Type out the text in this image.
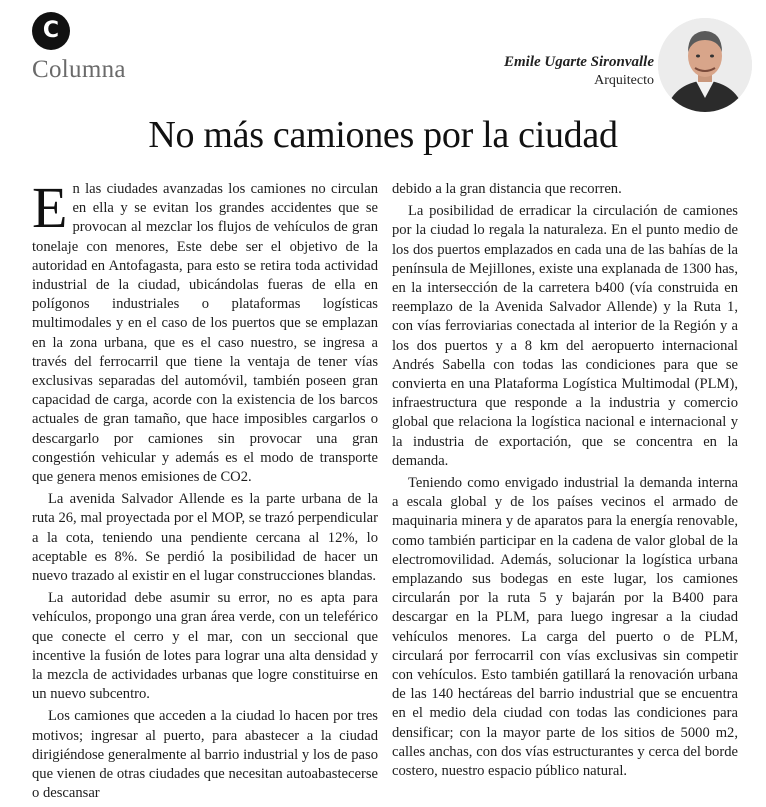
C
Columna	Emile Ugarte Sironvalle
Arquitecto
No más camiones por la ciudad

En las ciudades avanzadas los camiones no circulan en ella y se evitan los grandes accidentes que se provocan al mezclar los flujos de vehículos de gran tonelaje con menores, Este debe ser el objetivo de la autoridad en Antofagasta, para esto se retira toda actividad industrial de la ciudad, ubicándolas fueras de ella en polígonos industriales o plataformas logísticas multimodales y en el caso de los puertos que se emplazan en la zona urbana, que es el caso nuestro, se ingresa a través del ferrocarril que tiene la ventaja de tener vías exclusivas separadas del automóvil, también poseen gran capacidad de carga, acorde con la existencia de los barcos actuales de gran tamaño, que hace imposibles cargarlos o descargarlo por camiones sin provocar una gran congestión vehicular y además es el modo de transporte que genera menos emisiones de CO2.

La avenida Salvador Allende es la parte urbana de la ruta 26, mal proyectada por el MOP, se trazó perpendicular a la cota, teniendo una pendiente cercana al 12%, lo aceptable es 8%. Se perdió la posibilidad de hacer un nuevo trazado al existir en el lugar construcciones blandas.

La autoridad debe asumir su error, no es apta para vehículos, propongo una gran área verde, con un teleférico que conecte el cerro y el mar, con un seccional que incentive la fusión de lotes para lograr una alta densidad y la mezcla de actividades urbanas que logre constituirse en un nuevo subcentro.

Los camiones que acceden a la ciudad lo hacen por tres motivos; ingresar al puerto, para abastecer a la ciudad dirigiéndose generalmente al barrio industrial y los de paso que vienen de otras ciudades que necesitan autoabastecerse o descansar

debido a la gran distancia que recorren.

La posibilidad de erradicar la circulación de camiones por la ciudad lo regala la naturaleza. En el punto medio de los dos puertos emplazados en cada una de las bahías de la península de Mejillones, existe una explanada de 1300 has, en la intersección de la carretera b400 (vía construida en reemplazo de la Avenida Salvador Allende) y la Ruta 1, con vías ferroviarias conectada al interior de la Región y a los dos puertos y a 8 km del aeropuerto internacional Andrés Sabella con todas las condiciones para que se convierta en una Plataforma Logística Multimodal (PLM), infraestructura que responde a la industria y comercio global que relaciona la logística nacional e internacional y la industria de exportación, que se concentra en la demanda.

Teniendo como envigado industrial la demanda interna a escala global y de los países vecinos el armado de maquinaria minera y de aparatos para la energía renovable, como también participar en la cadena de valor global de la electromovilidad. Además, solucionar la logística urbana emplazando sus bodegas en este lugar, los camiones circularán por la ruta 5 y bajarán por la B400 para descargar en la PLM, para luego ingresar a la ciudad vehículos menores. La carga del puerto o de PLM, circulará por ferrocarril con vías exclusivas sin competir con vehículos. Esto también gatillará la renovación urbana de las 140 hectáreas del barrio industrial que se encuentra en el medio dela ciudad con todas las condiciones para densificar; con la mayor parte de los sitios de 5000 m2, calles anchas, con dos vías estructurantes y cerca del borde costero, nuestro espacio público natural.
